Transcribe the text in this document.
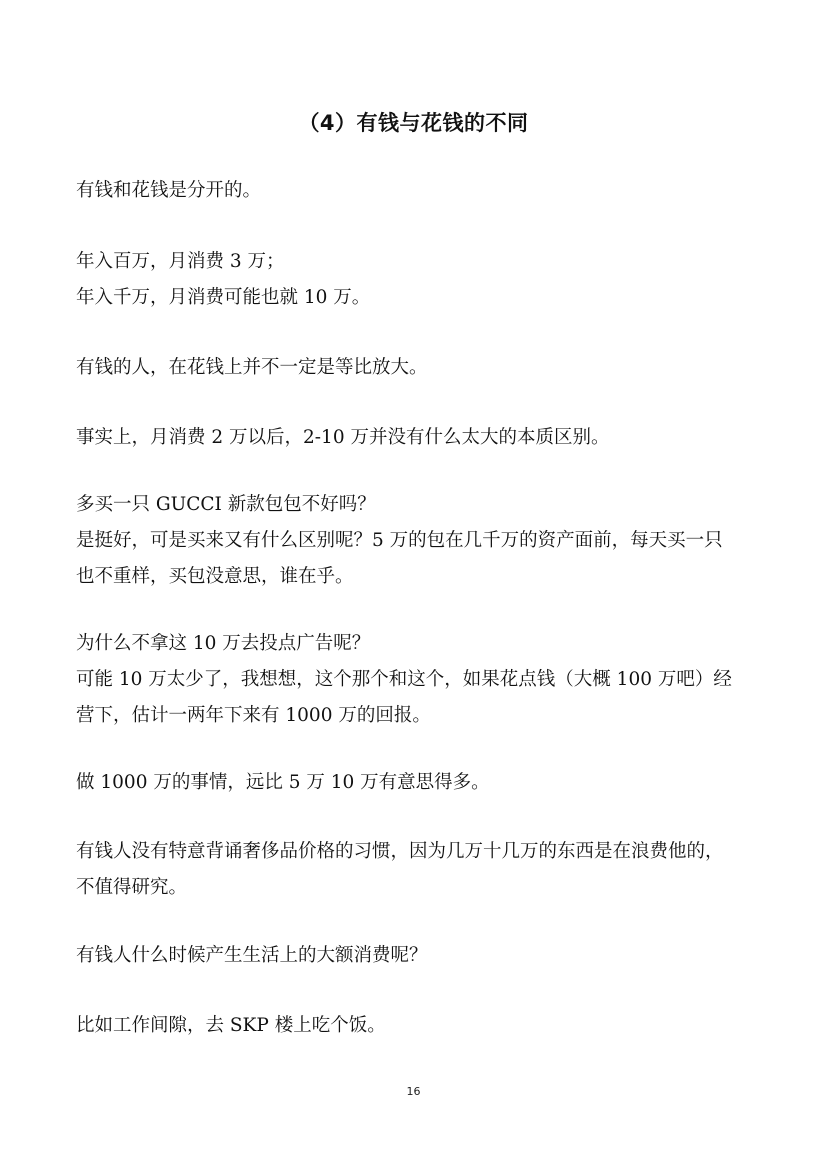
（4）有钱与花钱的不同
有钱和花钱是分开的。
年入百万，月消费 3 万；
年入千万，月消费可能也就 10 万。
有钱的人，在花钱上并不一定是等比放大。
事实上，月消费 2 万以后，2-10 万并没有什么太大的本质区别。
多买一只 GUCCI 新款包包不好吗？
是挺好，可是买来又有什么区别呢？5 万的包在几千万的资产面前，每天买一只
也不重样，买包没意思，谁在乎。
为什么不拿这 10 万去投点广告呢？
可能 10 万太少了，我想想，这个那个和这个，如果花点钱（大概 100 万吧）经
营下，估计一两年下来有 1000 万的回报。
做 1000 万的事情，远比 5 万 10 万有意思得多。
有钱人没有特意背诵奢侈品价格的习惯，因为几万十几万的东西是在浪费他的，
不值得研究。
有钱人什么时候产生生活上的大额消费呢？
比如工作间隙，去 SKP 楼上吃个饭。
16
